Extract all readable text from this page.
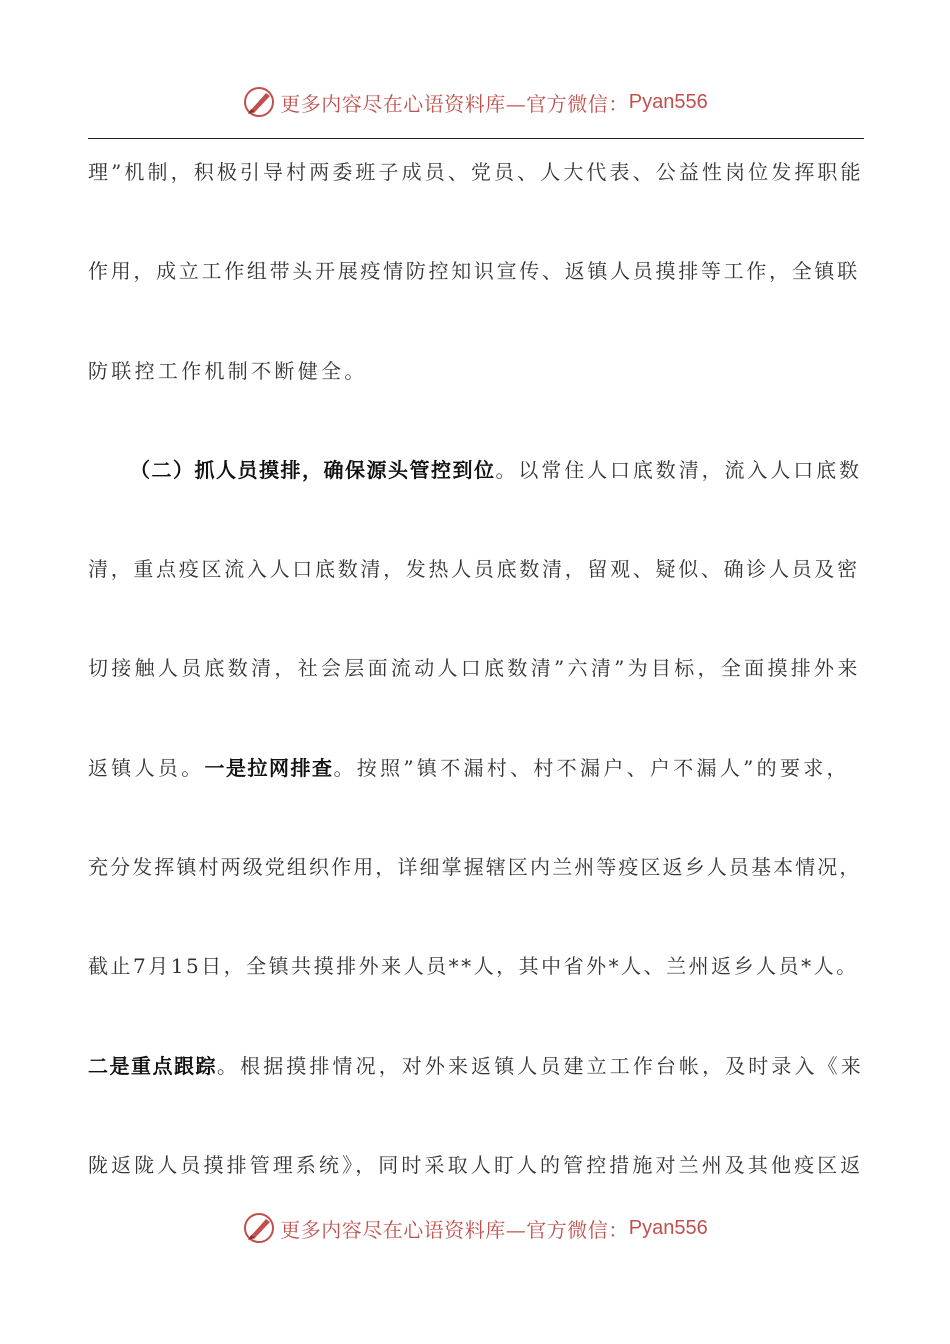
更多内容尽在心语资料库—官方微信： Pyan556
理”机制，积极引导村两委班子成员、党员、人大代表、公益性岗位发挥职能
作用，成立工作组带头开展疫情防控知识宣传、返镇人员摸排等工作，全镇联
防联控工作机制不断健全。
（二）抓人员摸排，确保源头管控到位。以常住人口底数清，流入人口底数
清，重点疫区流入人口底数清，发热人员底数清，留观、疑似、确诊人员及密
切接触人员底数清，社会层面流动人口底数清”六清”为目标，全面摸排外来
返镇人员。一是拉网排查。按照”镇不漏村、村不漏户、户不漏人”的要求，
充分发挥镇村两级党组织作用，详细掌握辖区内兰州等疫区返乡人员基本情况，
截止7月15日，全镇共摸排外来人员**人，其中省外*人、兰州返乡人员*人。
二是重点跟踪。根据摸排情况，对外来返镇人员建立工作台帐，及时录入《来
陇返陇人员摸排管理系统》，同时采取人盯人的管控措施对兰州及其他疫区返
更多内容尽在心语资料库—官方微信： Pyan556
